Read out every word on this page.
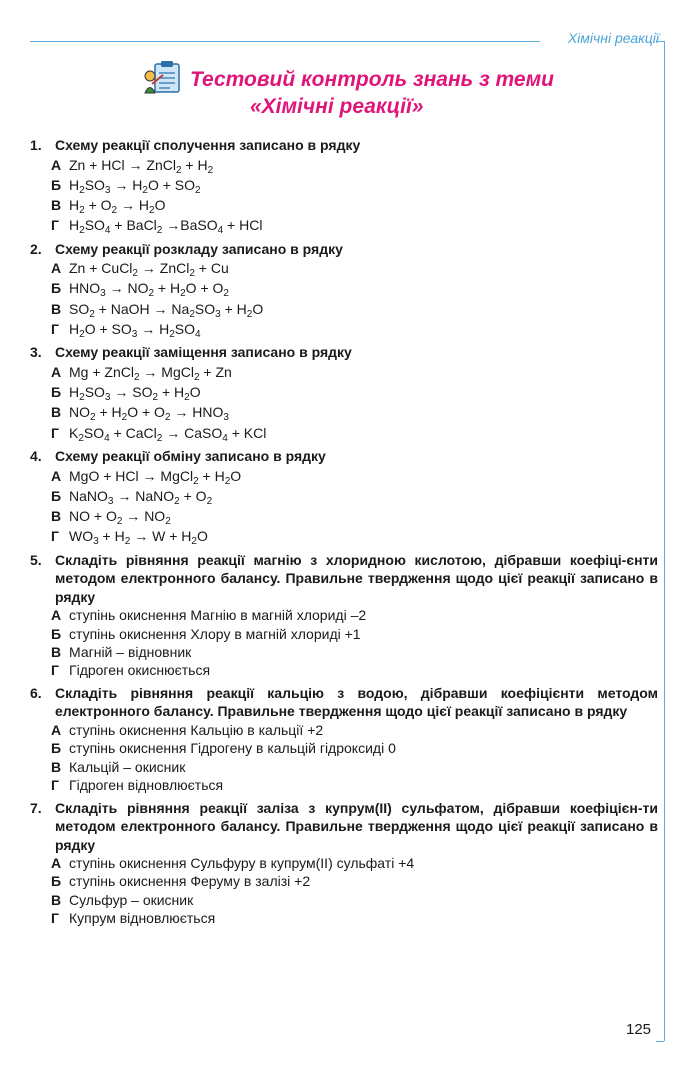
Хімічні реакції
Тестовий контроль знань з теми
«Хімічні реакції»
1. Схему реакції сполучення записано в рядку
А Zn + HCl → ZnCl$_2$ + $H_2$
Б $H_2SO_3 \to H_2O + SO_2$
В $H_2 + O_2 \to H_2O$
Г $H_2SO_4$ + BaCl$_2$ →BaSO$_4$ + HCl
2. Схему реакції розкладу записано в рядку
А Zn + CuCl$_2$ → ZnCl$_2$ + Cu
Б $HNO_3 \to NO_2 + H_2O + O_2$
В $SO_2$ + NaOH → $Na_2SO_3 + H_2O$
Г $H_2O + SO_3 \to H_2SO_4$
3. Схему реакції заміщення записано в рядку
А Mg + ZnCl$_2$ → MgCl$_2$ + Zn
Б $H_2SO_3 \to SO_2 + H_2O$
В $NO_2 + H_2O + O_2 \to HNO_3$
Г $K_2SO_4$ + CaCl$_2$ → CaSO$_4$ + KCl
4. Схему реакції обміну записано в рядку
А MgO + HCl → MgCl$_2$ + $H_2O$
Б NaNO$_3$ → NaNO$_2$ + $O_2$
В NO + $O_2 \to NO_2$
Г $WO_3 + H_2 \to W + H_2O$
5. Складіть рівняння реакції магнію з хлоридною кислотою, дібравши коефіці-єнти методом електронного балансу. Правильне твердження щодо цієї реакції записано в рядку
А ступінь окиснення Магнію в магній хлориді –2
Б ступінь окиснення Хлору в магній хлориді +1
В Магній – відновник
Г Гідроген окиснюється
6. Складіть рівняння реакції кальцію з водою, дібравши коефіцієнти методом електронного балансу. Правильне твердження щодо цієї реакції записано в рядку
А ступінь окиснення Кальцію в кальції +2
Б ступінь окиснення Гідрогену в кальцій гідроксиді 0
В Кальцій – окисник
Г Гідроген відновлюється
7. Складіть рівняння реакції заліза з купрум(II) сульфатом, дібравши коефіцієн-ти методом електронного балансу. Правильне твердження щодо цієї реакції записано в рядку
А ступінь окиснення Сульфуру в купрум(II) сульфаті +4
Б ступінь окиснення Феруму в залізі +2
В Сульфур – окисник
Г Купрум відновлюється
125
